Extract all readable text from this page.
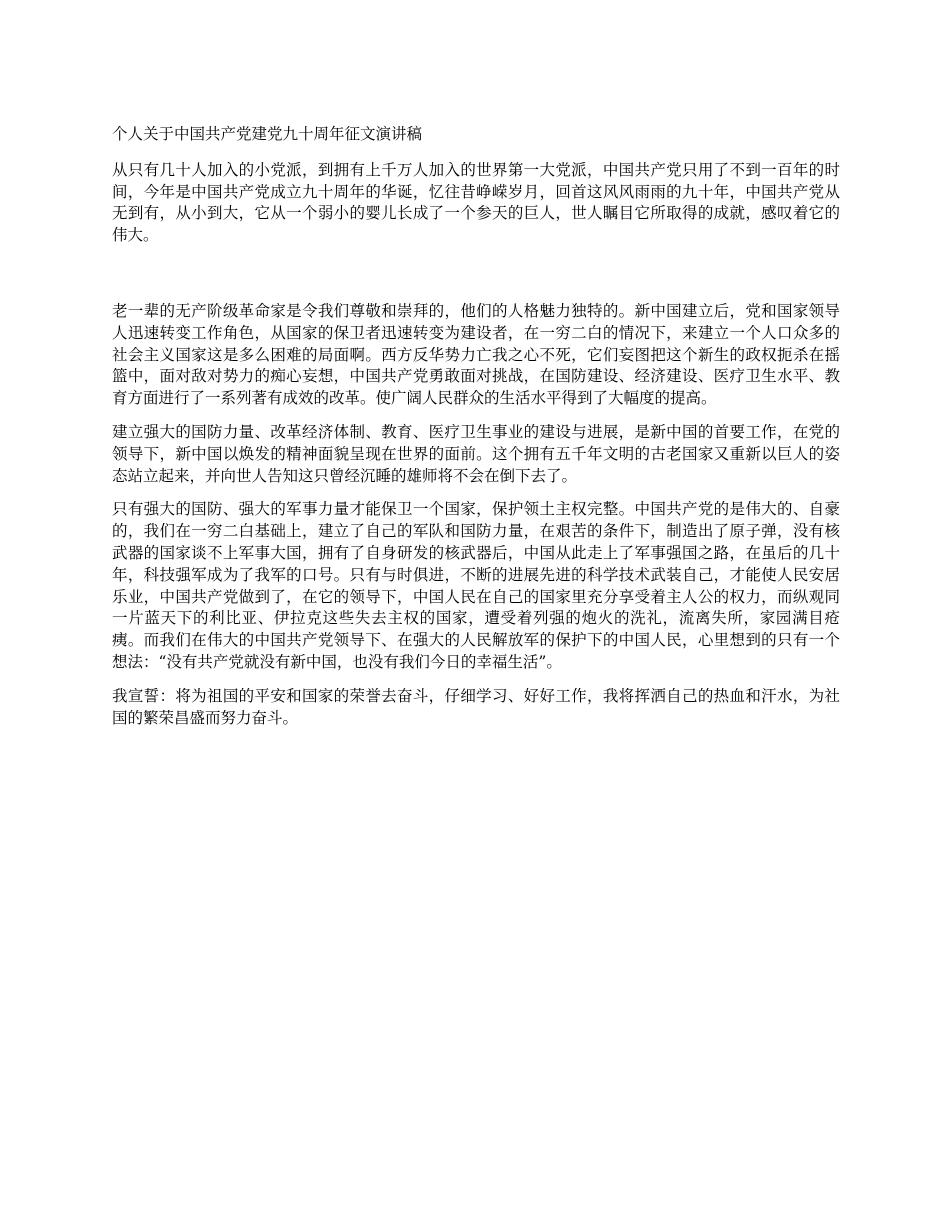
个人关于中国共产党建党九十周年征文演讲稿

从只有几十人加入的小党派，到拥有上千万人加入的世界第一大党派，中国共产党只用了不到一百年的时间，今年是中国共产党成立九十周年的华诞，忆往昔峥嵘岁月，回首这风风雨雨的九十年，中国共产党从无到有，从小到大，它从一个弱小的婴儿长成了一个参天的巨人，世人瞩目它所取得的成就，感叹着它的伟大。

老一辈的无产阶级革命家是令我们尊敬和崇拜的，他们的人格魅力独特的。新中国建立后，党和国家领导人迅速转变工作角色，从国家的保卫者迅速转变为建设者，在一穷二白的情况下，来建立一个人口众多的社会主义国家这是多么困难的局面啊。西方反华势力亡我之心不死，它们妄图把这个新生的政权扼杀在摇篮中，面对敌对势力的痴心妄想，中国共产党勇敢面对挑战，在国防建设、经济建设、医疗卫生水平、教育方面进行了一系列著有成效的改革。使广阔人民群众的生活水平得到了大幅度的提高。

建立强大的国防力量、改革经济体制、教育、医疗卫生事业的建设与进展，是新中国的首要工作，在党的领导下，新中国以焕发的精神面貌呈现在世界的面前。这个拥有五千年文明的古老国家又重新以巨人的姿态站立起来，并向世人告知这只曾经沉睡的雄师将不会在倒下去了。

只有强大的国防、强大的军事力量才能保卫一个国家，保护领土主权完整。中国共产党的是伟大的、自豪的，我们在一穷二白基础上，建立了自己的军队和国防力量，在艰苦的条件下，制造出了原子弹，没有核武器的国家谈不上军事大国，拥有了自身研发的核武器后，中国从此走上了军事强国之路，在虽后的几十年，科技强军成为了我军的口号。只有与时俱进，不断的进展先进的科学技术武装自己，才能使人民安居乐业，中国共产党做到了，在它的领导下，中国人民在自己的国家里充分享受着主人公的权力，而纵观同一片蓝天下的利比亚、伊拉克这些失去主权的国家，遭受着列强的炮火的洗礼，流离失所，家园满目疮痍。而我们在伟大的中国共产党领导下、在强大的人民解放军的保护下的中国人民，心里想到的只有一个想法：“没有共产党就没有新中国，也没有我们今日的幸福生活”。

我宣誓：将为祖国的平安和国家的荣誉去奋斗，仔细学习、好好工作，我将挥洒自己的热血和汗水，为社国的繁荣昌盛而努力奋斗。
